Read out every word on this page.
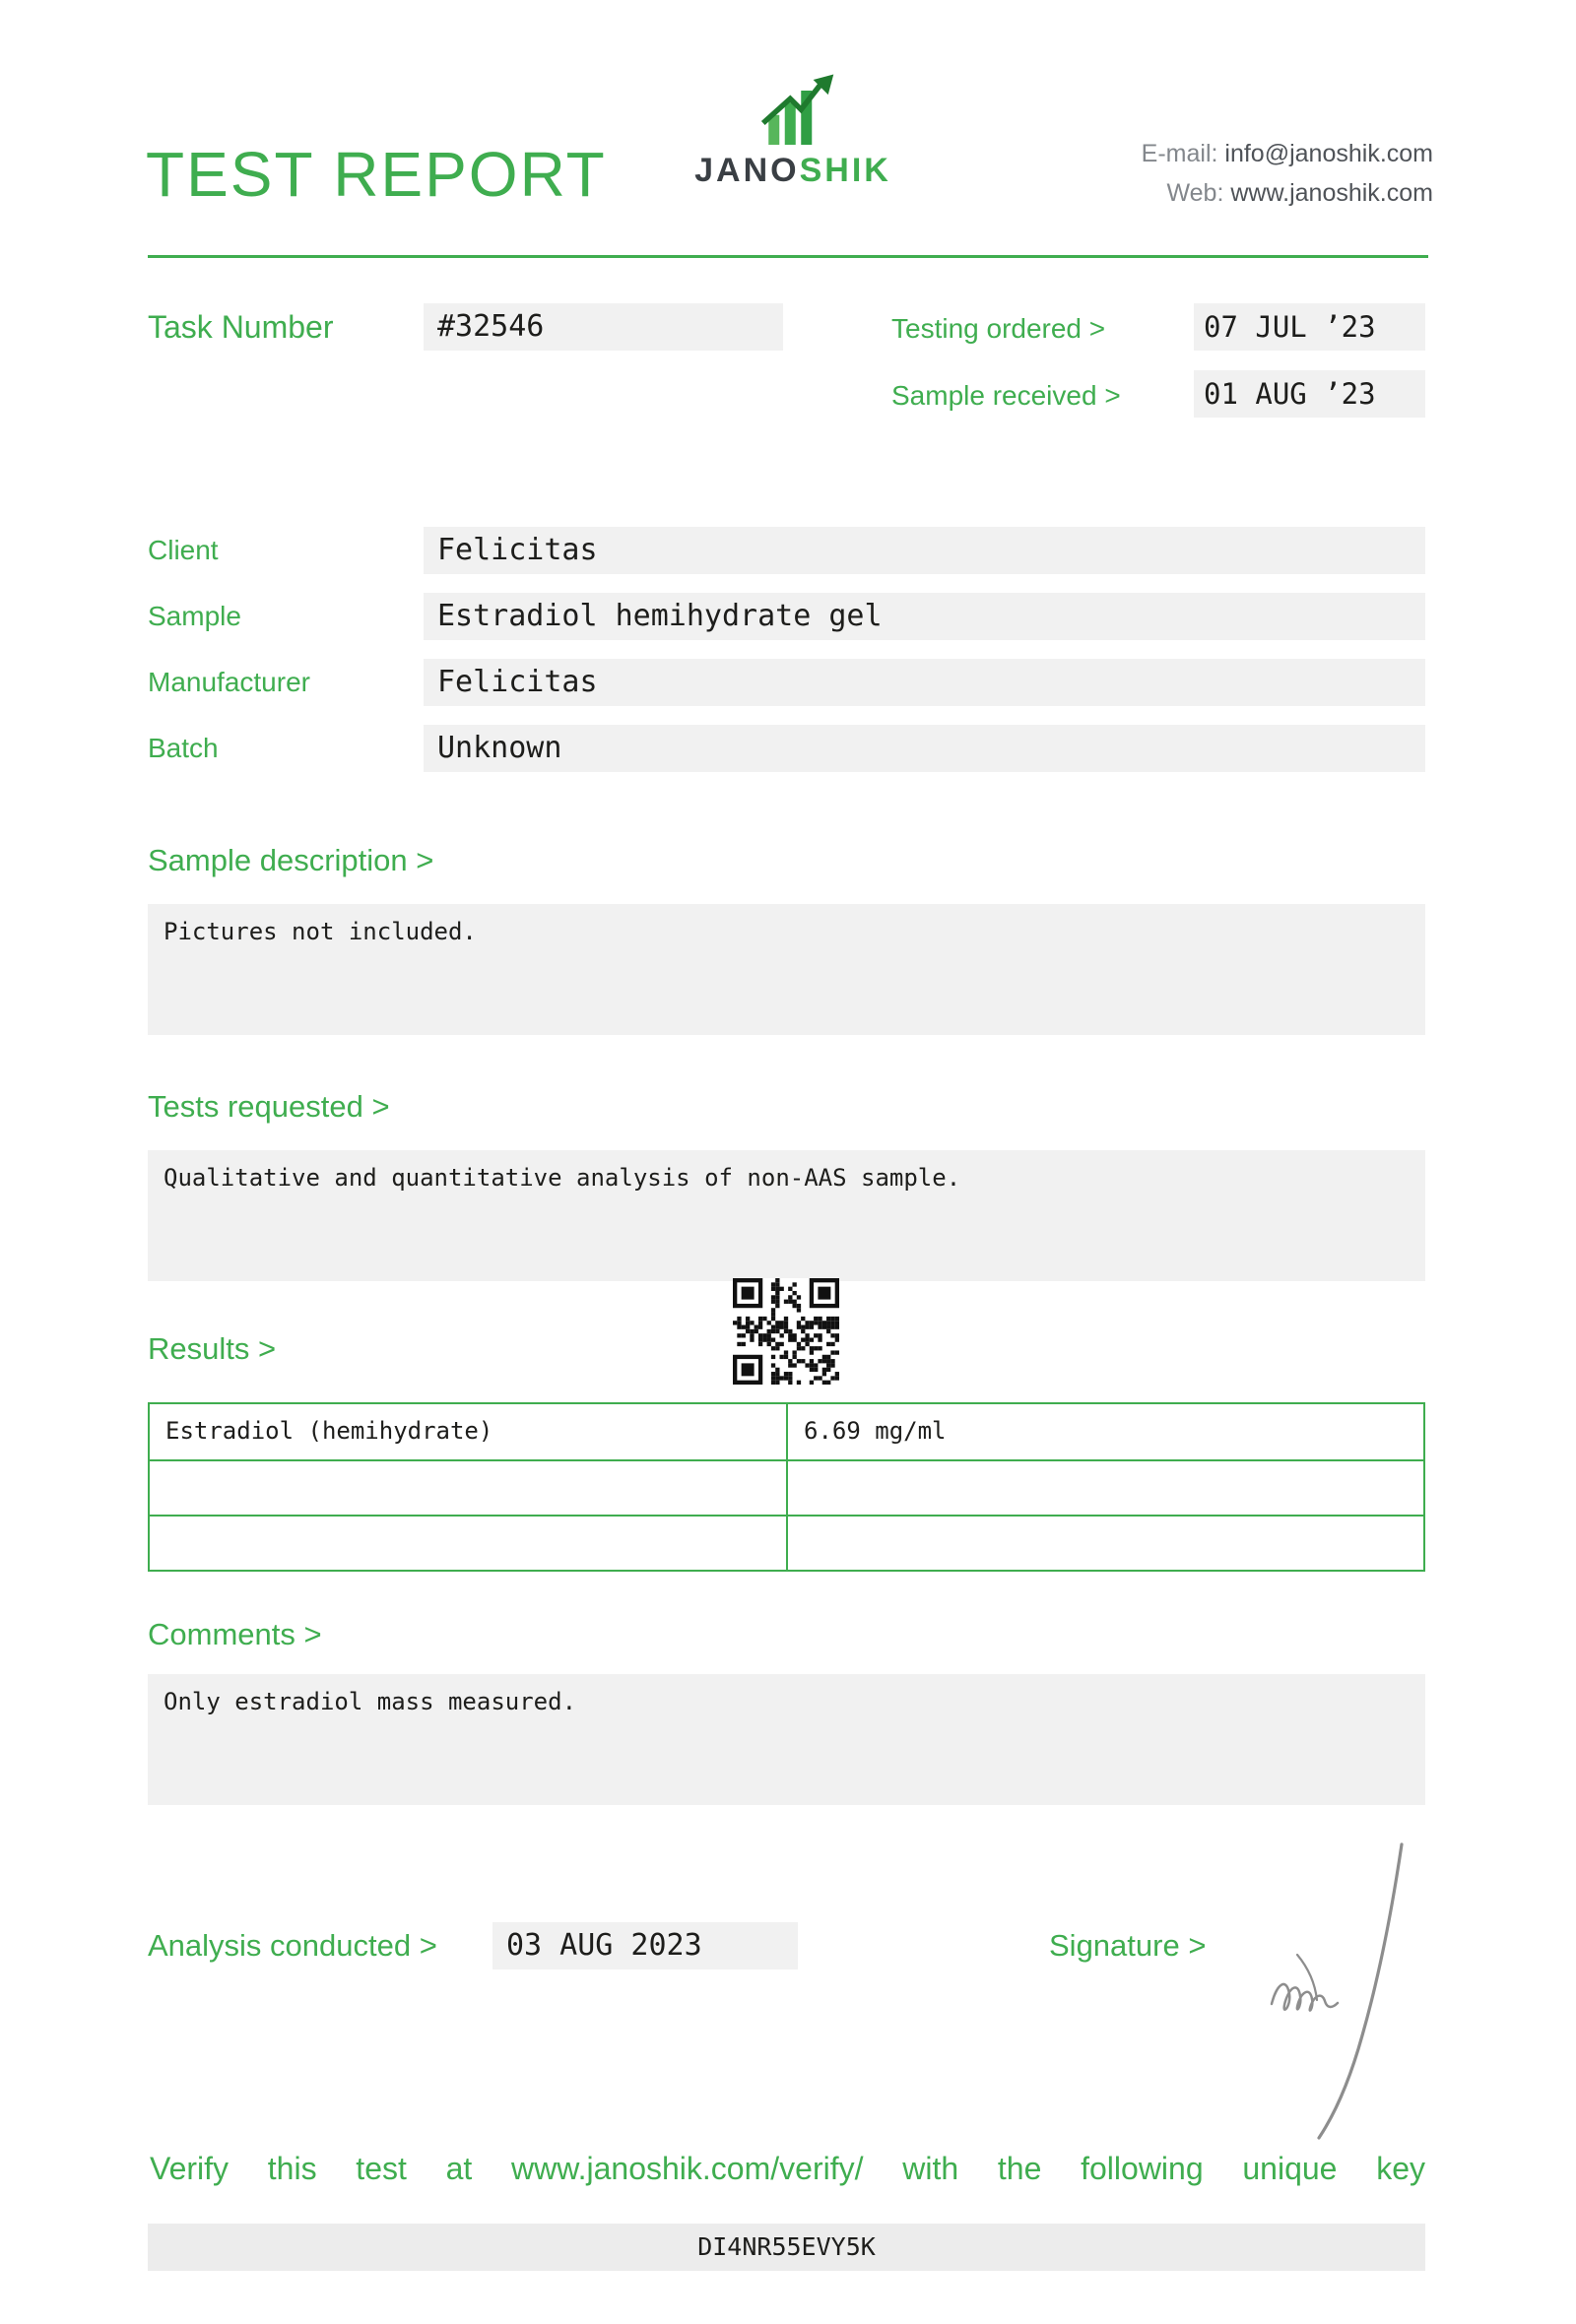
TEST REPORT	JANOSHIK	E-mail: info@janoshik.com
Web: www.janoshik.com
Task Number	#32546	Testing ordered >	07 JUL ’23
Sample received >	01 AUG ’23
Client	Felicitas
Sample	Estradiol hemihydrate gel
Manufacturer	Felicitas
Batch	Unknown
Sample description >
Pictures not included.
Tests requested >
Qualitative and quantitative analysis of non-AAS sample.
Results >
Estradiol (hemihydrate)	6.69 mg/ml
Comments >
Only estradiol mass measured.
Analysis conducted >	03 AUG 2023	Signature >
Verify this test at www.janoshik.com/verify/ with the following unique key
DI4NR55EVY5K
